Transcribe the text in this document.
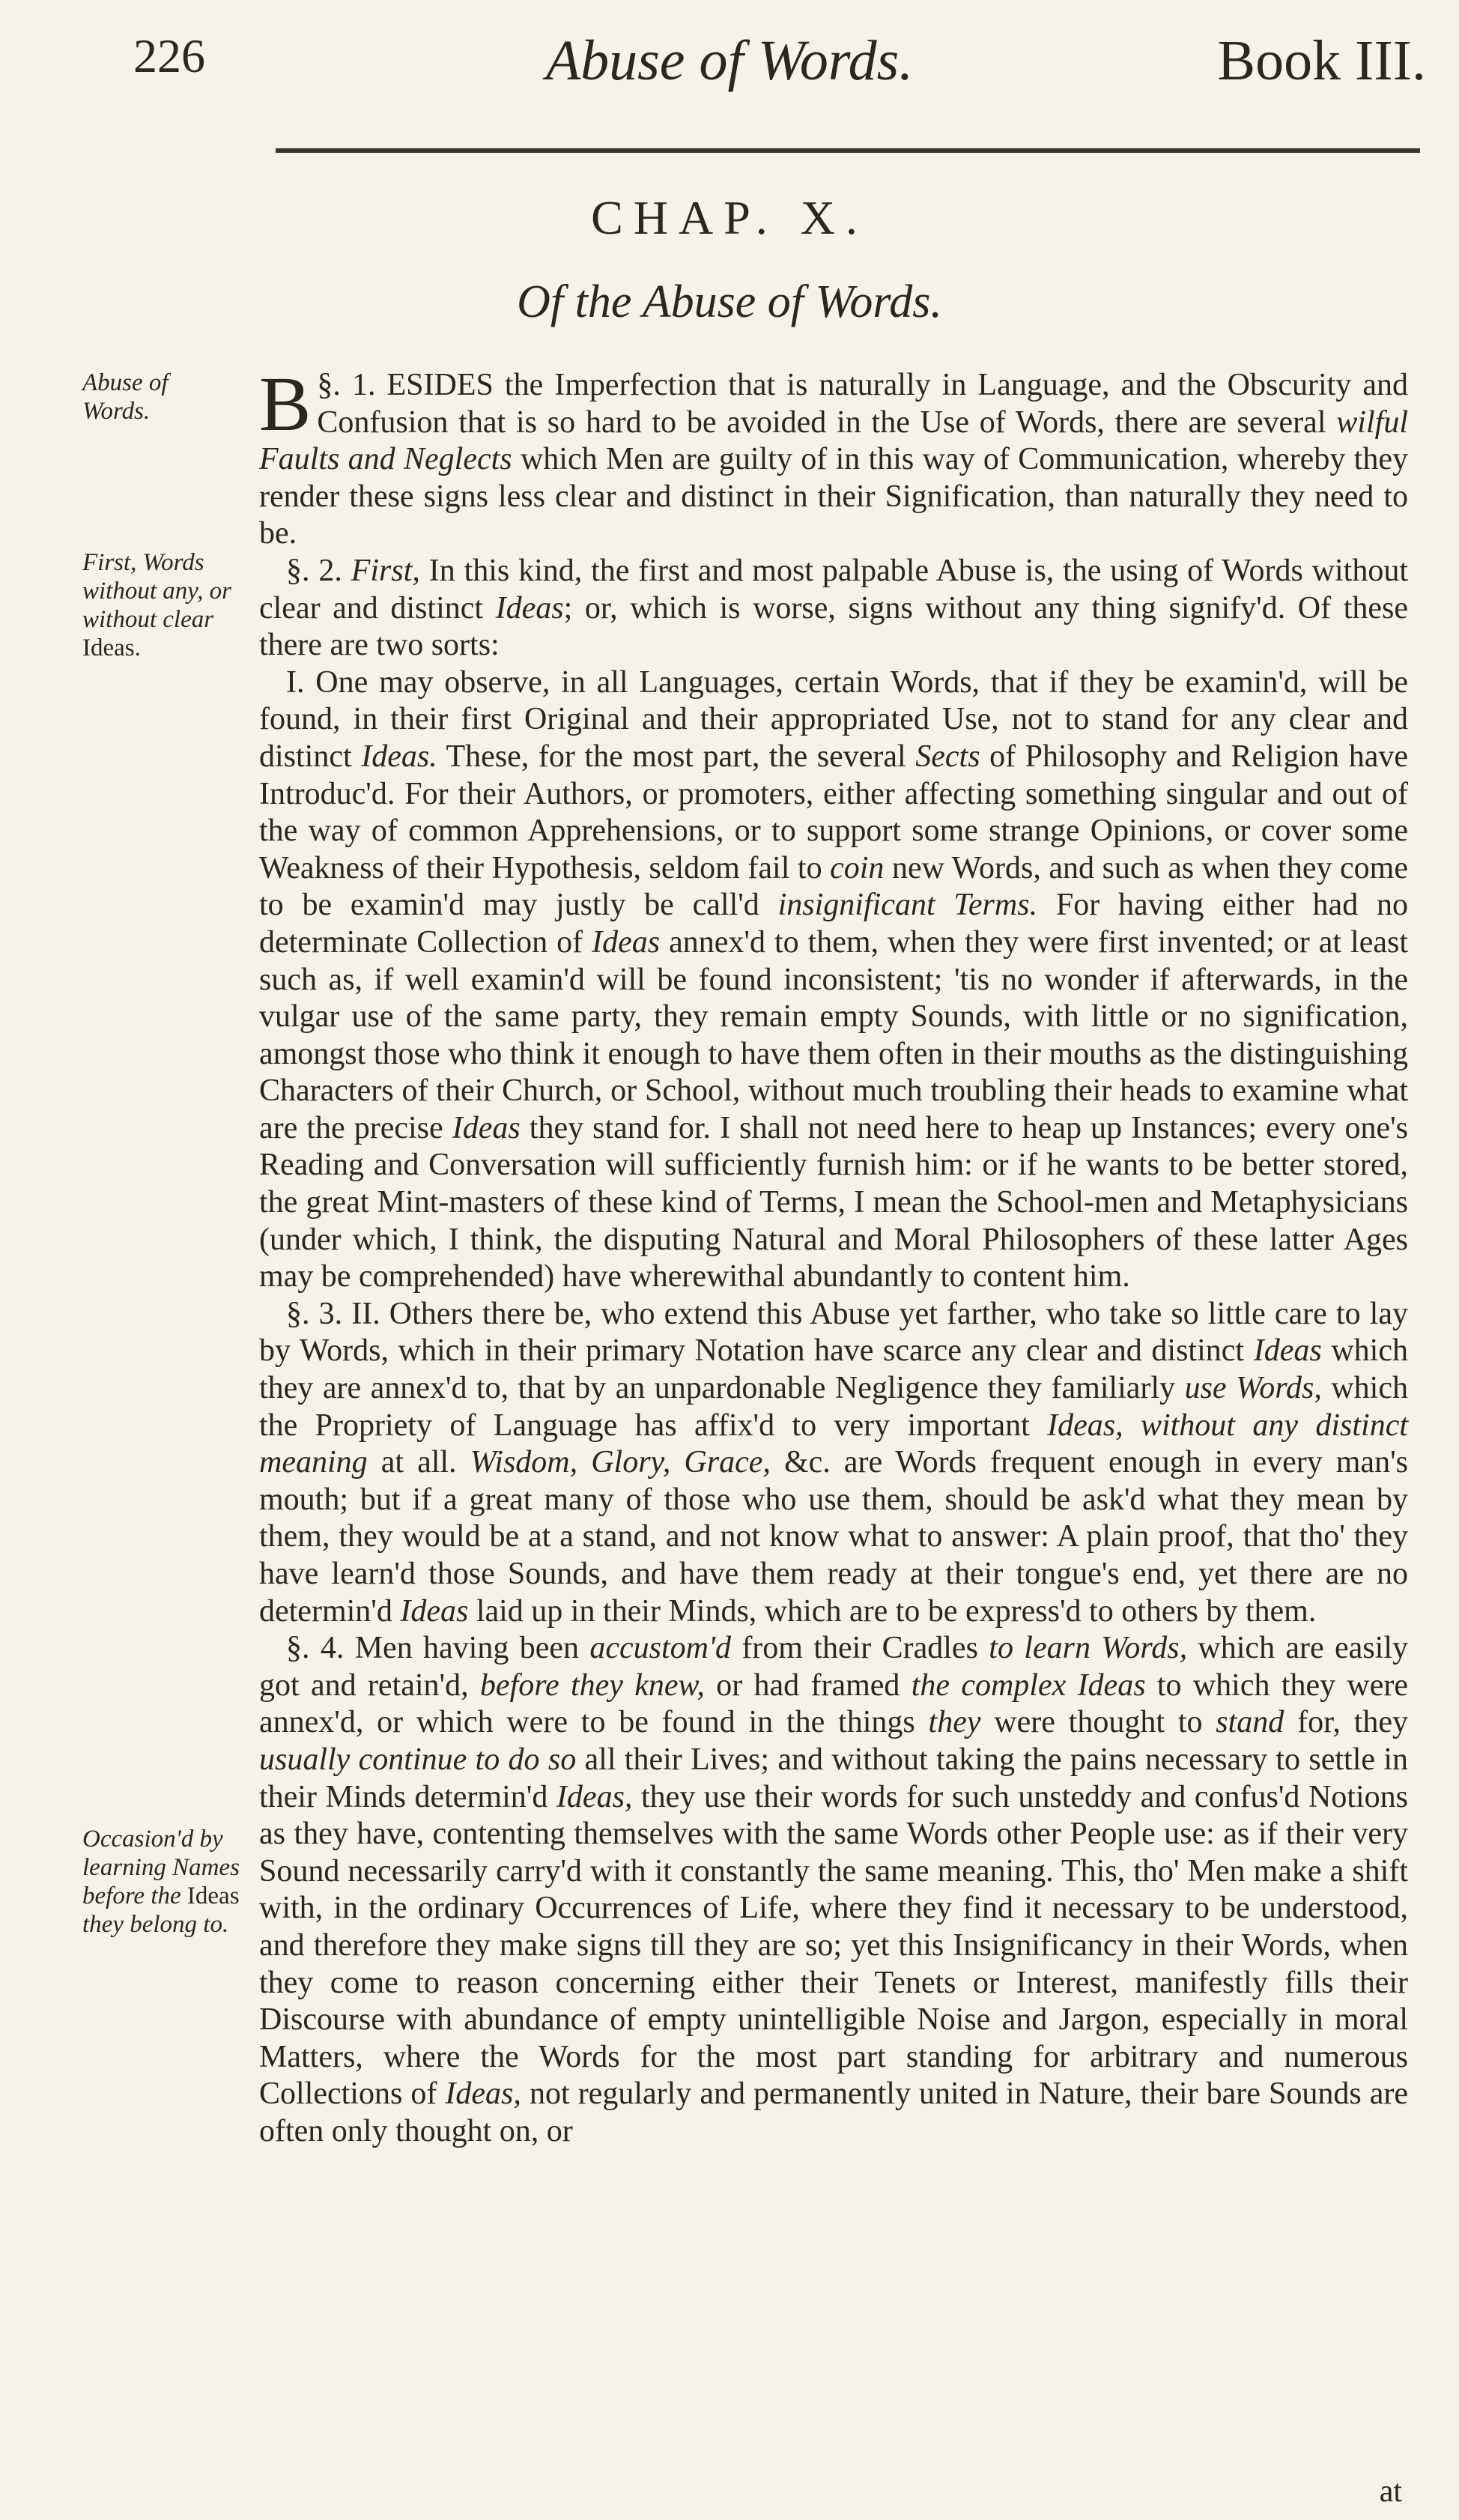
226	Abuse of Words.	Book III.
CHAP. X.
Of the Abuse of Words.
Abuse of Words.
First, Words without any, or without clear Ideas.
Occasion'd by learning Names before the Ideas they belong to.

§. 1.
B ESIDES the Imperfection that is naturally in Language, and the Obscurity and Confusion that is so hard to be avoided in the Use of Words, there are several wilful Faults and Neglects which Men are guilty of in this way of Communication, whereby they render these signs less clear and distinct in their Signification, than naturally they need to be.

§. 2. First, In this kind, the first and most palpable Abuse is, the using of Words without clear and distinct Ideas; or, which is worse, signs without any thing signify'd. Of these there are two sorts:

I. One may observe, in all Languages, certain Words, that if they be examin'd, will be found, in their first Original and their appropriated Use, not to stand for any clear and distinct Ideas. These, for the most part, the several Sects of Philosophy and Religion have Introduc'd. For their Authors, or promoters, either affecting something singular and out of the way of common Apprehensions, or to support some strange Opinions, or cover some Weakness of their Hypothesis, seldom fail to coin new Words, and such as when they come to be examin'd may justly be call'd insignificant Terms. For having either had no determinate Collection of Ideas annex'd to them, when they were first invented; or at least such as, if well examin'd will be found inconsistent; 'tis no wonder if afterwards, in the vulgar use of the same party, they remain empty Sounds, with little or no signification, amongst those who think it enough to have them often in their mouths as the distinguishing Characters of their Church, or School, without much troubling their heads to examine what are the precise Ideas they stand for. I shall not need here to heap up Instances; every one's Reading and Conversation will sufficiently furnish him: or if he wants to be better stored, the great Mint-masters of these kind of Terms, I mean the School-men and Metaphysicians (under which, I think, the disputing Natural and Moral Philosophers of these latter Ages may be comprehended) have wherewithal abundantly to content him.

§. 3. II. Others there be, who extend this Abuse yet farther, who take so little care to lay by Words, which in their primary Notation have scarce any clear and distinct Ideas which they are annex'd to, that by an unpardonable Negligence they familiarly use Words, which the Propriety of Language has affix'd to very important Ideas, without any distinct meaning at all. Wisdom, Glory, Grace, &c. are Words frequent enough in every man's mouth; but if a great many of those who use them, should be ask'd what they mean by them, they would be at a stand, and not know what to answer: A plain proof, that tho' they have learn'd those Sounds, and have them ready at their tongue's end, yet there are no determin'd Ideas laid up in their Minds, which are to be express'd to others by them.

§. 4. Men having been accustom'd from their Cradles to learn Words, which are easily got and retain'd, before they knew, or had framed the complex Ideas to which they were annex'd, or which were to be found in the things they were thought to stand for, they usually continue to do so all their Lives; and without taking the pains necessary to settle in their Minds determin'd Ideas, they use their words for such unsteddy and confus'd Notions as they have, contenting themselves with the same Words other People use: as if their very Sound necessarily carry'd with it constantly the same meaning. This, tho' Men make a shift with, in the ordinary Occurrences of Life, where they find it necessary to be understood, and therefore they make signs till they are so; yet this Insignificancy in their Words, when they come to reason concerning either their Tenets or Interest, manifestly fills their Discourse with abundance of empty unintelligible Noise and Jargon, especially in moral Matters, where the Words for the most part standing for arbitrary and numerous Collections of Ideas, not regularly and permanently united in Nature, their bare Sounds are often only thought on, or

at
